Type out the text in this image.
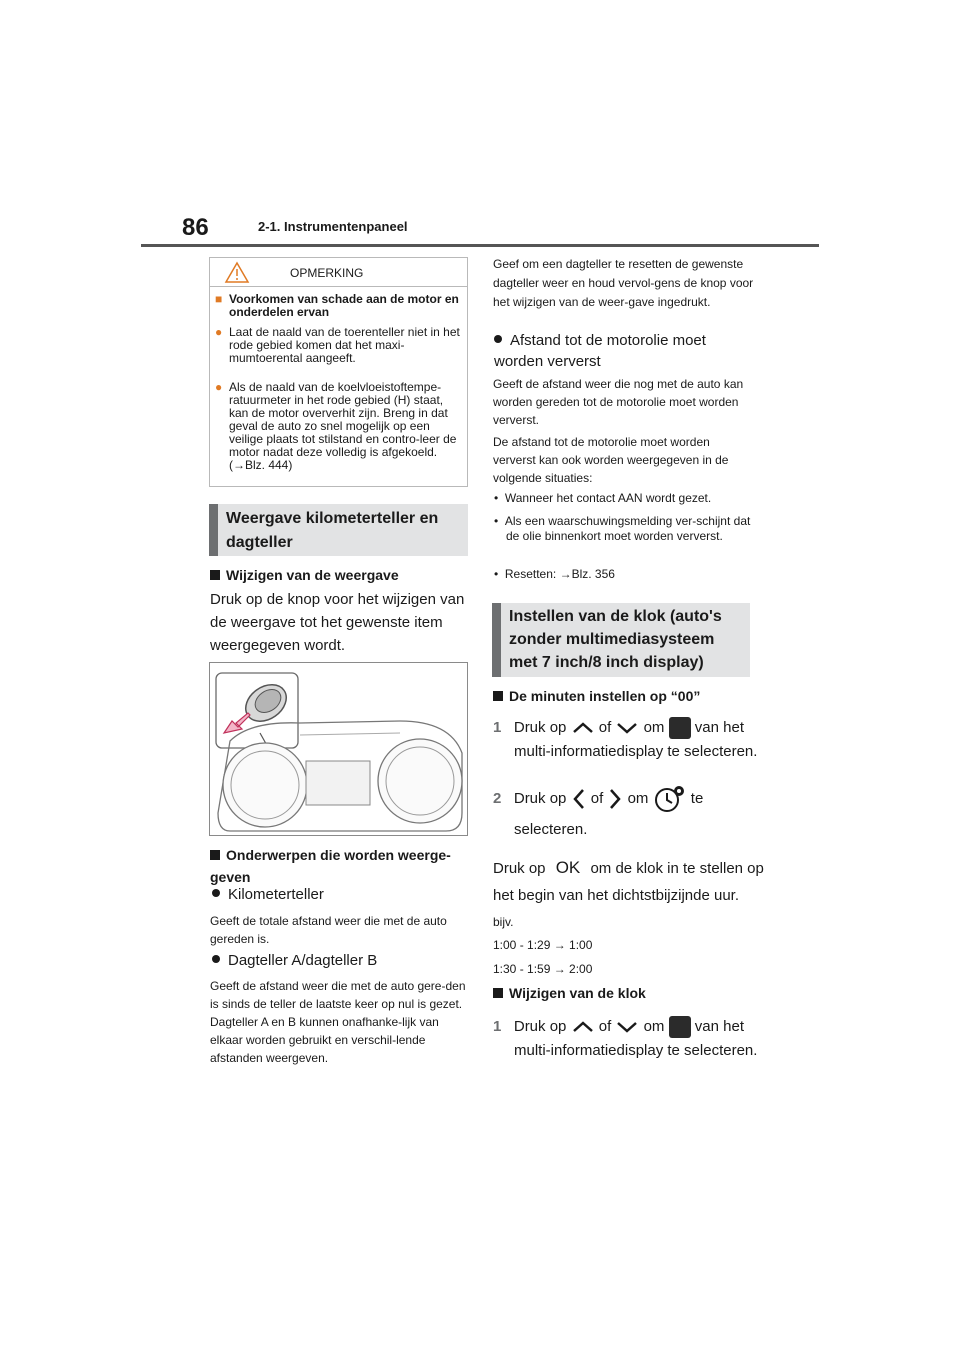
86	2-1. Instrumentenpaneel
OPMERKING
■ Voorkomen van schade aan de motor en onderdelen ervan
● Laat de naald van de toerenteller niet in het rode gebied komen dat het maxi-mumtoerental aangeeft.
● Als de naald van de koelvloeistoftempe-ratuurmeter in het rode gebied (H) staat, kan de motor oververhit zijn. Breng in dat geval de auto zo snel mogelijk op een veilige plaats tot stilstand en contro-leer de motor nadat deze volledig is afgekoeld. (→Blz. 444)
Weergave kilometerteller en dagteller
Wijzigen van de weergave
Druk op de knop voor het wijzigen van de weergave tot het gewenste item weergegeven wordt.
Onderwerpen die worden weerge-geven
Kilometerteller
Geeft de totale afstand weer die met de auto gereden is.
Dagteller A/dagteller B
Geeft de afstand weer die met de auto gere-den is sinds de teller de laatste keer op nul is gezet. Dagteller A en B kunnen onafhanke-lijk van elkaar worden gebruikt en verschil-lende afstanden weergeven.
Geef om een dagteller te resetten de gewenste dagteller weer en houd vervol-gens de knop voor het wijzigen van de weer-gave ingedrukt.
Afstand tot de motorolie moet worden ververst
Geeft de afstand weer die nog met de auto kan worden gereden tot de motorolie moet worden ververst.
De afstand tot de motorolie moet worden ververst kan ook worden weergegeven in de volgende situaties:
•  Wanneer het contact AAN wordt gezet.
•  Als een waarschuwingsmelding ver-schijnt dat de olie binnenkort moet worden ververst.
•  Resetten: →Blz. 356
Instellen van de klok (auto's zonder multimediasysteem met 7 inch/8 inch display)
De minuten instellen op “00”
1 Druk op of om van het
multi-informatiedisplay te selecteren.
2 Druk op of om	te
selecteren.
Druk op OK om de klok in te stellen op
het begin van het dichtstbijzijnde uur.
bijv.
1:00 - 1:29 → 1:00
1:30 - 1:59 → 2:00
Wijzigen van de klok
1 Druk op of om van het
multi-informatiedisplay te selecteren.
